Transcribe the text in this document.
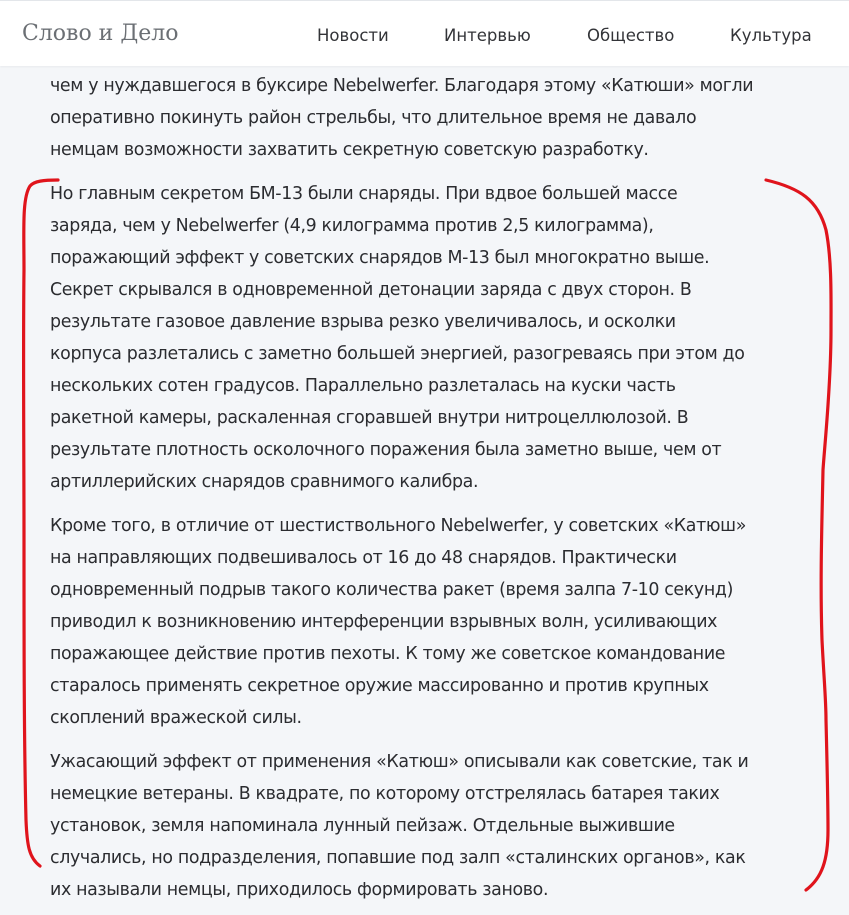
Слово и Дело	Новости	Интервью	Общество	Культура
чем у нуждавшегося в буксире Nebelwerfer. Благодаря этому «Катюши» могли
оперативно покинуть район стрельбы, что длительное время не давало
немцам возможности захватить секретную советскую разработку.
Но главным секретом БМ-13 были снаряды. При вдвое большей массе
заряда, чем у Nebelwerfer (4,9 килограмма против 2,5 килограмма),
поражающий эффект у советских снарядов М-13 был многократно выше.
Секрет скрывался в одновременной детонации заряда с двух сторон. В
результате газовое давление взрыва резко увеличивалось, и осколки
корпуса разлетались с заметно большей энергией, разогреваясь при этом до
нескольких сотен градусов. Параллельно разлеталась на куски часть
ракетной камеры, раскаленная сгоравшей внутри нитроцеллюлозой. В
результате плотность осколочного поражения была заметно выше, чем от
артиллерийских снарядов сравнимого калибра.
Кроме того, в отличие от шестиствольного Nebelwerfer, у советских «Катюш»
на направляющих подвешивалось от 16 до 48 снарядов. Практически
одновременный подрыв такого количества ракет (время залпа 7-10 секунд)
приводил к возникновению интерференции взрывных волн, усиливающих
поражающее действие против пехоты. К тому же советское командование
старалось применять секретное оружие массированно и против крупных
скоплений вражеской силы.
Ужасающий эффект от применения «Катюш» описывали как советские, так и
немецкие ветераны. В квадрате, по которому отстрелялась батарея таких
установок, земля напоминала лунный пейзаж. Отдельные выжившие
случались, но подразделения, попавшие под залп «сталинских органов», как
их называли немцы, приходилось формировать заново.
